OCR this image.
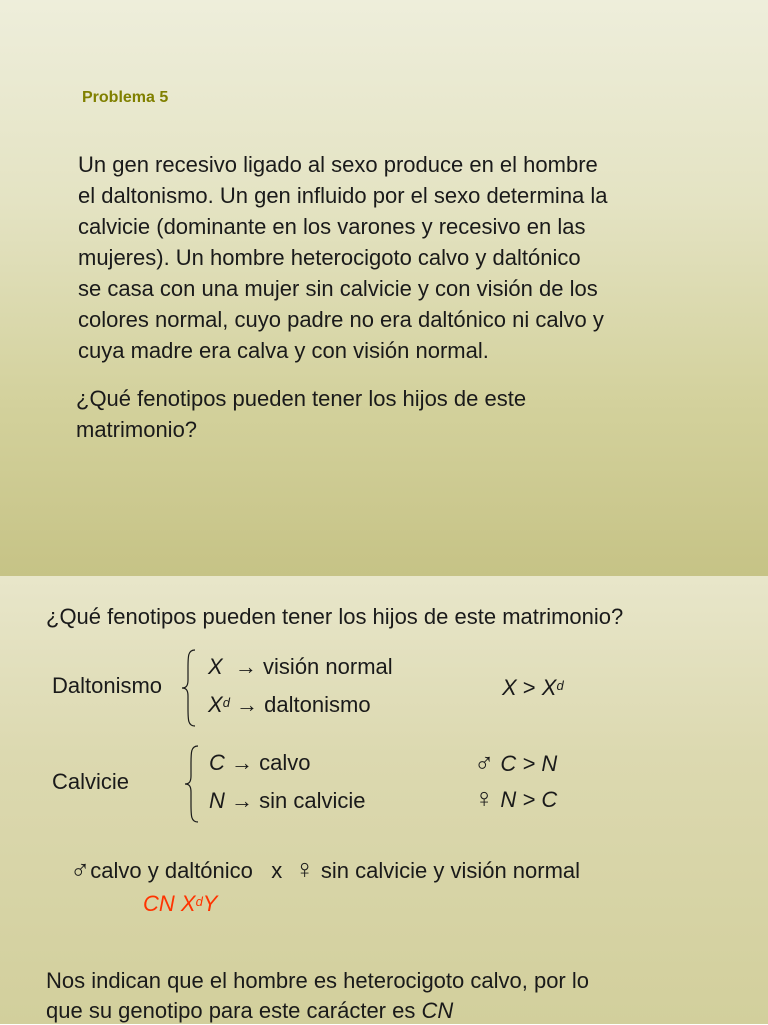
Problema 5
Un gen recesivo ligado al sexo produce en el hombre
el daltonismo. Un gen influido por el sexo determina la
calvicie (dominante en los varones y recesivo en las
mujeres). Un hombre heterocigoto calvo y daltónico
se casa con una mujer sin calvicie y con visión de los
colores normal, cuyo padre no era daltónico ni calvo y
cuya madre era calva y con visión normal.
¿Qué fenotipos pueden tener los hijos de este
matrimonio?
¿Qué fenotipos pueden tener los hijos de este matrimonio?
Daltonismo
X → visión normal
$X^d$ → daltonismo
$X > X^d$
Calvicie
C → calvo
N → sin calvicie
♂ C > N
♀ N > C
♂calvo y daltónico x ♀ sin calvicie y visión normal
CN $X^dY$
Nos indican que el hombre es heterocigoto calvo, por lo
que su genotipo para este carácter es CN
